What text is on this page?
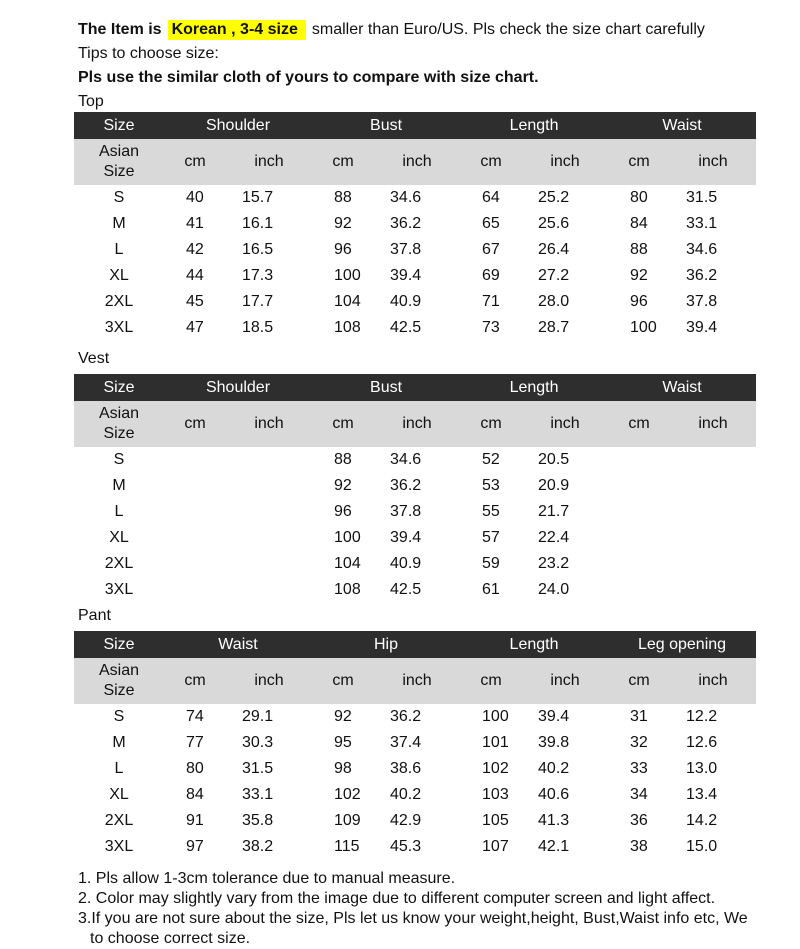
The Item is Korean , 3-4 size smaller than Euro/US. Pls check the size chart carefully
Tips to choose size:
Pls use the similar cloth of yours to compare with size chart.
Top
Size	Shoulder		Bust		Length		Waist	

Asian
Size	cm	inch	cm	inch	cm	inch	cm	inch
S	40	15.7	88	34.6	64	25.2	80	31.5
M	41	16.1	92	36.2	65	25.6	84	33.1
L	42	16.5	96	37.8	67	26.4	88	34.6
XL	44	17.3	100	39.4	69	27.2	92	36.2
2XL	45	17.7	104	40.9	71	28.0	96	37.8
3XL	47	18.5	108	42.5	73	28.7	100	39.4
Vest
Size	Shoulder		Bust		Length		Waist	

Asian
Size	cm	inch	cm	inch	cm	inch	cm	inch
S			88	34.6	52	20.5		
M			92	36.2	53	20.9		
L			96	37.8	55	21.7		
XL			100	39.4	57	22.4		
2XL			104	40.9	59	23.2		
3XL			108	42.5	61	24.0		
Pant
Size	Waist		Hip		Length		Leg opening	

Asian
Size	cm	inch	cm	inch	cm	inch	cm	inch
S	74	29.1	92	36.2	100	39.4	31	12.2
M	77	30.3	95	37.4	101	39.8	32	12.6
L	80	31.5	98	38.6	102	40.2	33	13.0
XL	84	33.1	102	40.2	103	40.6	34	13.4
2XL	91	35.8	109	42.9	105	41.3	36	14.2
3XL	97	38.2	115	45.3	107	42.1	38	15.0
1. Pls allow 1-3cm tolerance due to manual measure.
2. Color may slightly vary from the image due to different computer screen and light affect.
3.If you are not sure about the size, Pls let us know your weight,height, Bust,Waist info etc, We
to choose correct size.
